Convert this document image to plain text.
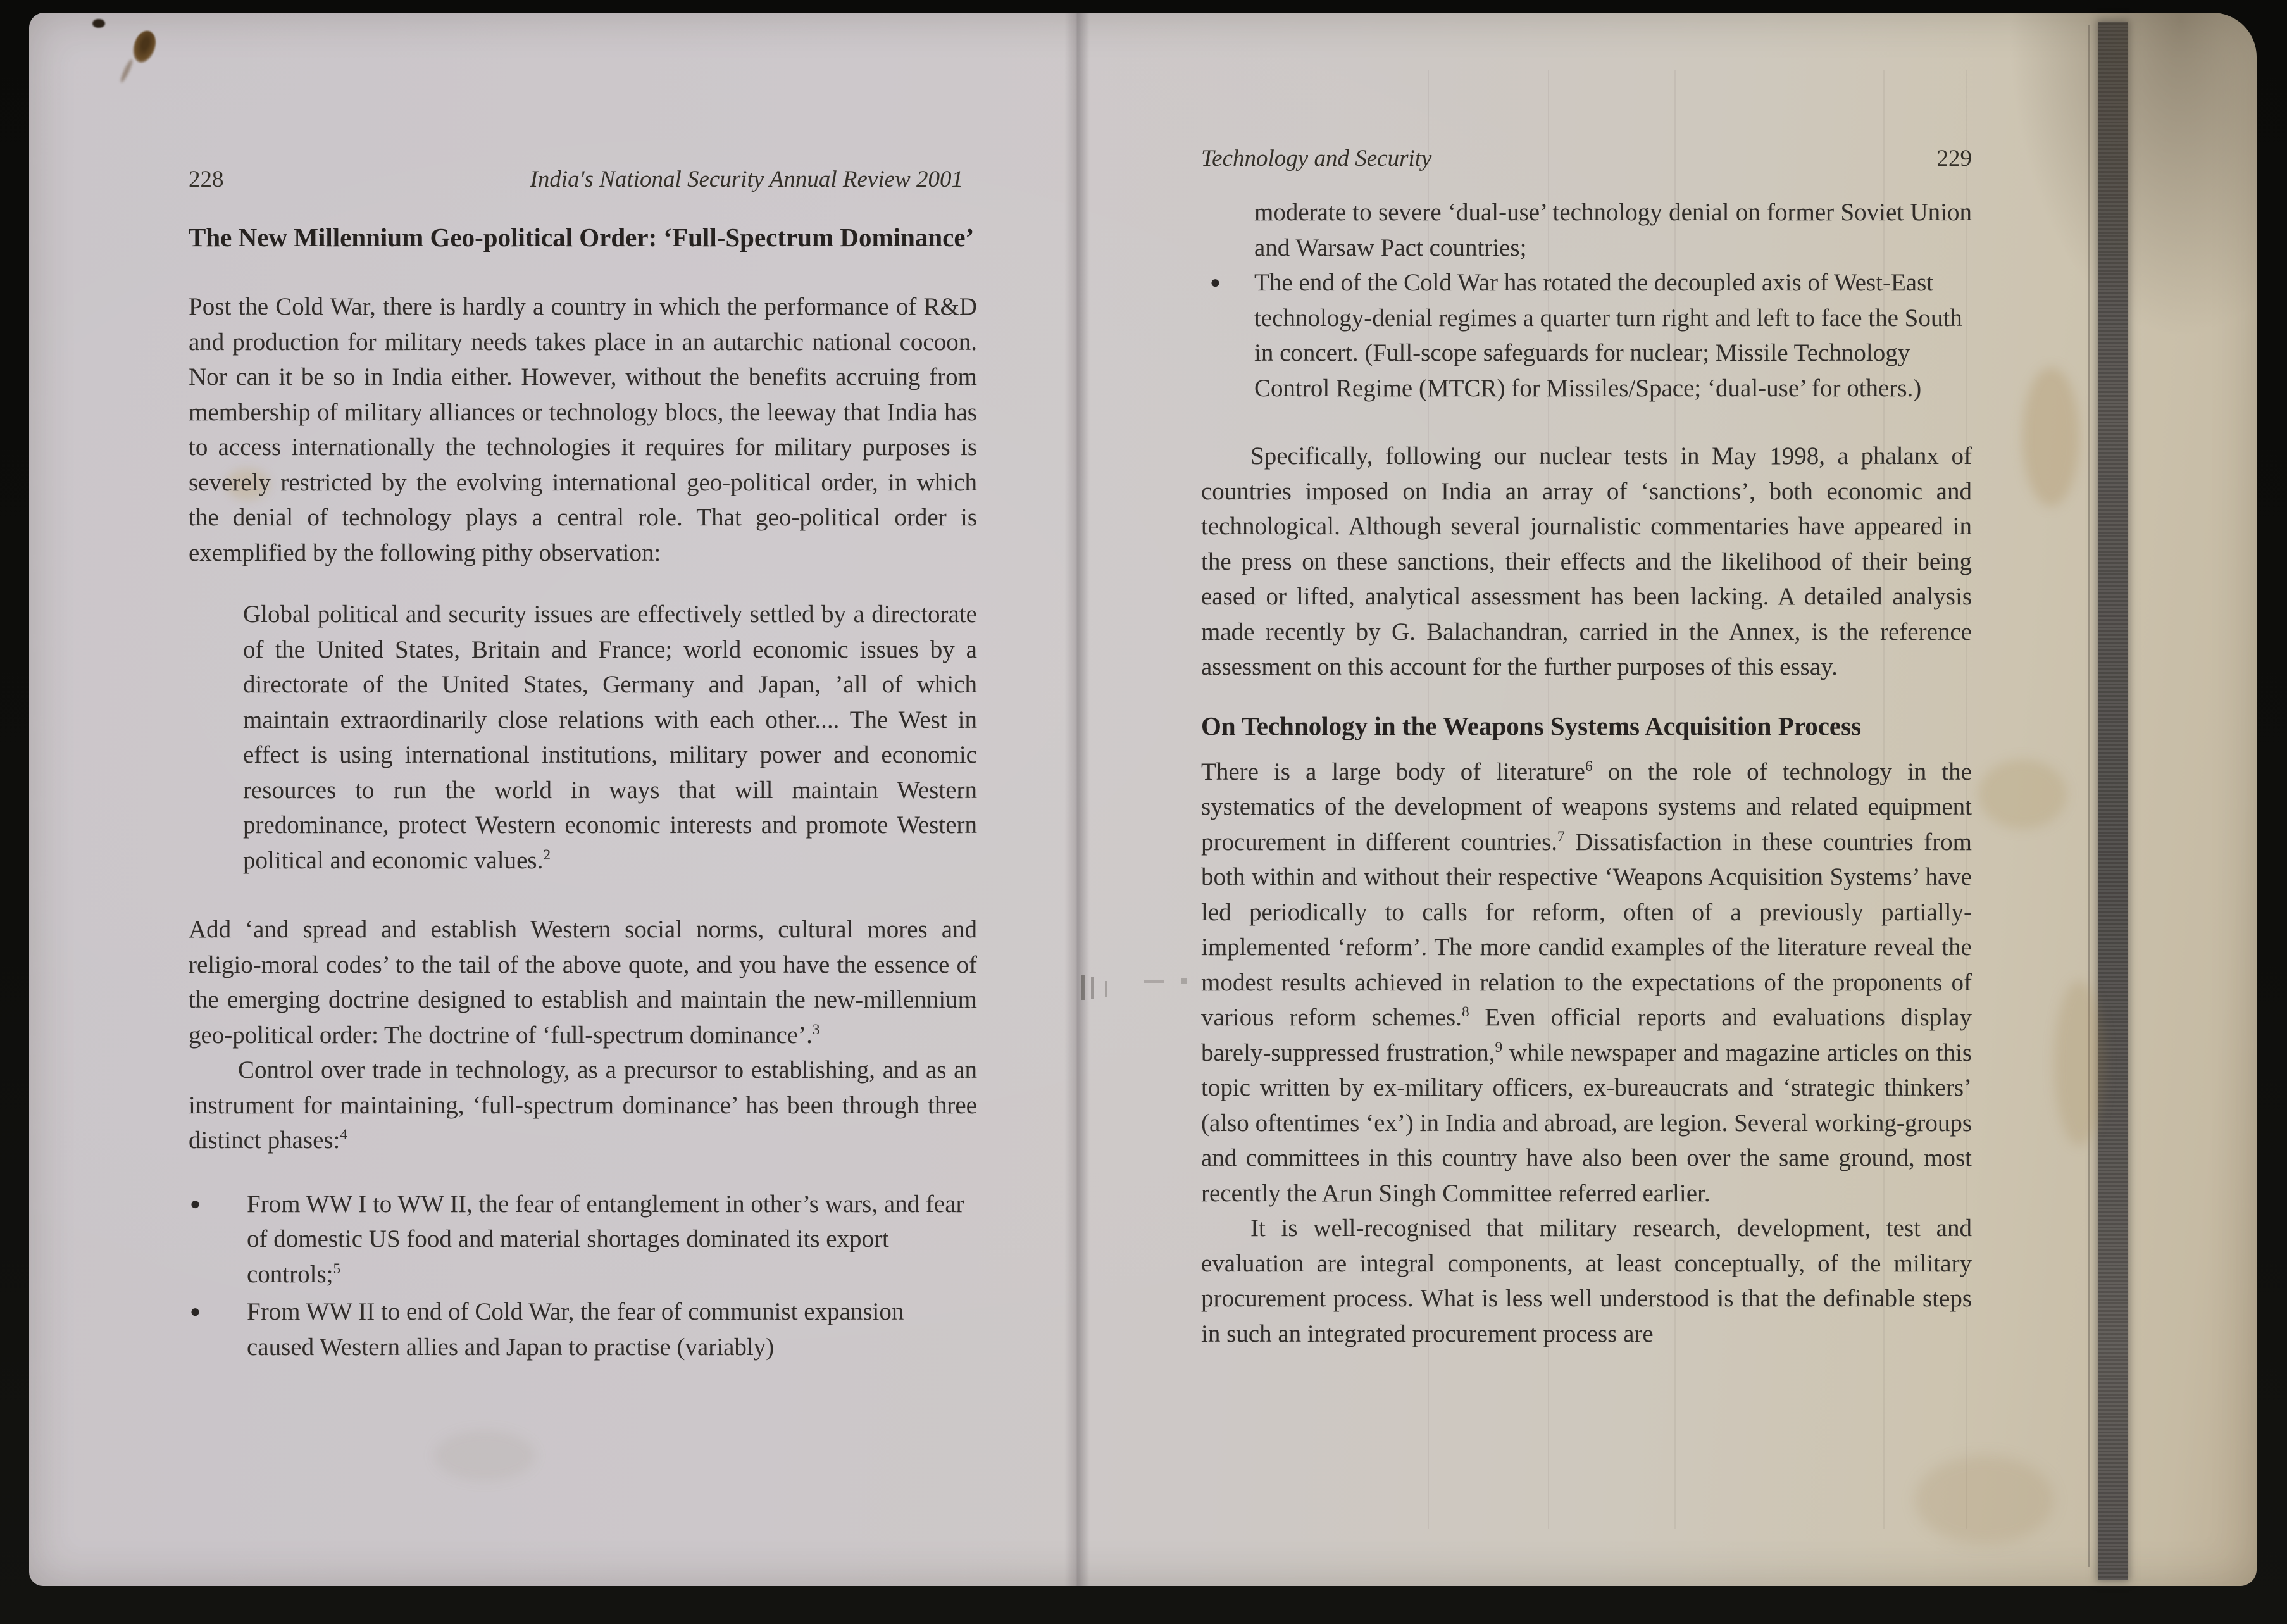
228	India's National Security Annual Review 2001
The New Millennium Geo-political Order: ‘Full-Spectrum Dominance’

Post the Cold War, there is hardly a country in which the performance of R&D and production for military needs takes place in an autarchic national cocoon. Nor can it be so in India either. However, without the benefits accruing from membership of military alliances or technology blocs, the leeway that India has to access internationally the technologies it requires for military purposes is severely restricted by the evolving international geo-political order, in which the denial of technology plays a central role. That geo-political order is exemplified by the following pithy observation:

Global political and security issues are effectively settled by a directorate of the United States, Britain and France; world economic issues by a directorate of the United States, Germany and Japan, ’all of which maintain extraordinarily close relations with each other.... The West in effect is using international institutions, military power and economic resources to run the world in ways that will maintain Western predominance, protect Western economic interests and promote Western political and economic values.$^2$

Add ‘and spread and establish Western social norms, cultural mores and religio-moral codes’ to the tail of the above quote, and you have the essence of the emerging doctrine designed to establish and maintain the new-millennium geo-political order: The doctrine of ‘full-spectrum dominance’.$^3$

Control over trade in technology, as a precursor to establishing, and as an instrument for maintaining, ‘full-spectrum dominance’ has been through three distinct phases:$^4$

● From WW I to WW II, the fear of entanglement in other’s wars, and fear of domestic US food and material shortages dominated its export controls;$^5$
● From WW II to end of Cold War, the fear of communist expansion caused Western allies and Japan to practise (variably)
Technology and Security	229
moderate to severe ‘dual-use’ technology denial on former Soviet Union and Warsaw Pact countries;
● The end of the Cold War has rotated the decoupled axis of West-East technology-denial regimes a quarter turn right and left to face the South in concert. (Full-scope safeguards for nuclear; Missile Technology Control Regime (MTCR) for Missiles/Space; ‘dual-use’ for others.)

Specifically, following our nuclear tests in May 1998, a phalanx of countries imposed on India an array of ‘sanctions’, both economic and technological. Although several journalistic commentaries have appeared in the press on these sanctions, their effects and the likelihood of their being eased or lifted, analytical assessment has been lacking. A detailed analysis made recently by G. Balachandran, carried in the Annex, is the reference assessment on this account for the further purposes of this essay.

On Technology in the Weapons Systems Acquisition Process

There is a large body of literature$^6$ on the role of technology in the systematics of the development of weapons systems and related equipment procurement in different countries.$^7$ Dissatisfaction in these countries from both within and without their respective ‘Weapons Acquisition Systems’ have led periodically to calls for reform, often of a previously partially-implemented ‘reform’. The more candid examples of the literature reveal the modest results achieved in relation to the expectations of the proponents of various reform schemes.$^8$ Even official reports and evaluations display barely-suppressed frustration,$^9$ while newspaper and magazine articles on this topic written by ex-military officers, ex-bureaucrats and ‘strategic thinkers’ (also oftentimes ‘ex’) in India and abroad, are legion. Several working-groups and committees in this country have also been over the same ground, most recently the Arun Singh Committee referred earlier.

It is well-recognised that military research, development, test and evaluation are integral components, at least conceptually, of the military procurement process. What is less well understood is that the definable steps in such an integrated procurement process are
